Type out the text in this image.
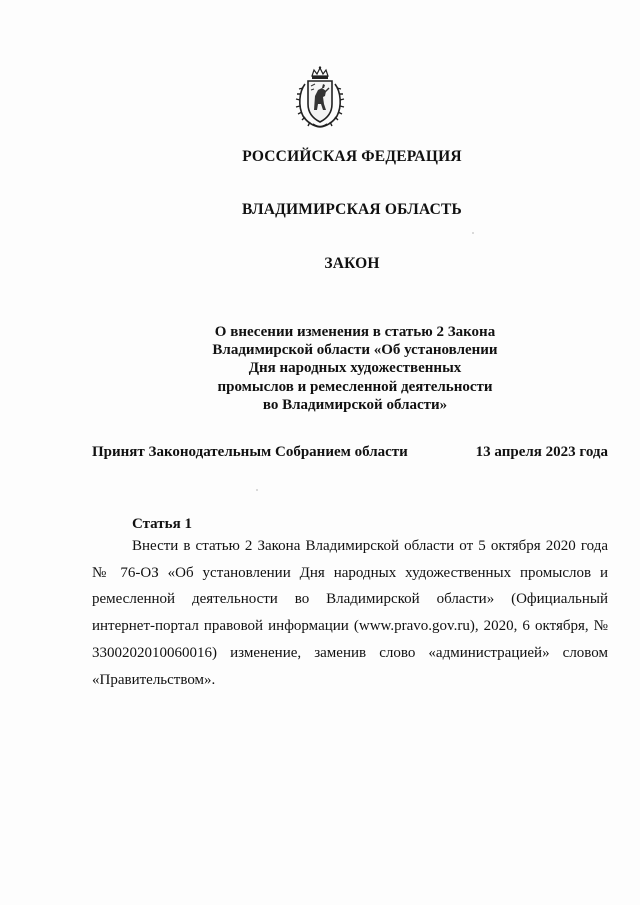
РОССИЙСКАЯ ФЕДЕРАЦИЯ
ВЛАДИМИРСКАЯ ОБЛАСТЬ
ЗАКОН
О внесении изменения в статью 2 Закона
Владимирской области «Об установлении
Дня народных художественных
промыслов и ремесленной деятельности
во Владимирской области»
Принят Законодательным Собранием области	13 апреля 2023 года
Статья 1

Внести в статью 2 Закона Владимирской области от 5 октября 2020 года № 76-ОЗ «Об установлении Дня народных художественных промыслов и ремесленной деятельности во Владимирской области» (Официальный интернет-портал правовой информации (www.pravo.gov.ru), 2020, 6 октября, № 3300202010060016) изменение, заменив слово «администрацией» словом «Правительством».
